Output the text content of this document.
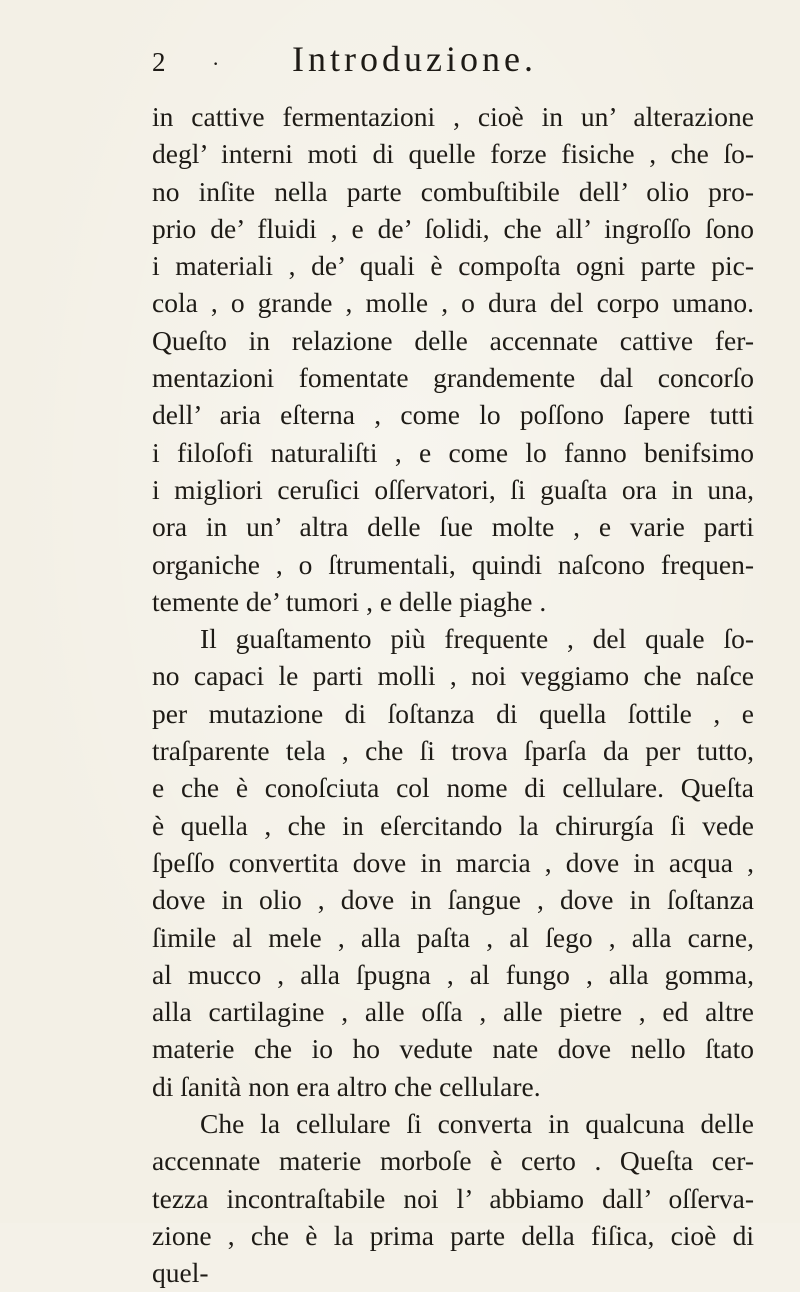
2	·	Introduzione.
in cattive fermentazioni , cioè in un’ alterazione
degl’ interni moti di quelle forze fisiche , che ſo-
no inſite nella parte combuſtibile dell’ olio pro-
prio de’ fluidi , e de’ ſolidi, che all’ ingroſſo ſono
i materiali , de’ quali è compoſta ogni parte pic-
cola , o grande , molle , o dura del corpo umano.
Queſto in relazione delle accennate cattive fer-
mentazioni fomentate grandemente dal concorſo
dell’ aria eſterna , come lo poſſono ſapere tutti
i filoſofi naturaliſti , e come lo fanno benifsimo
i migliori ceruſici oſſervatori, ſi guaſta ora in una,
ora in un’ altra delle ſue molte , e varie parti
organiche , o ſtrumentali, quindi naſcono frequen-
temente de’ tumori , e delle piaghe .
Il guaſtamento più frequente , del quale ſo-
no capaci le parti molli , noi veggiamo che naſce
per mutazione di ſoſtanza di quella ſottile , e
traſparente tela , che ſi trova ſparſa da per tutto,
e che è conoſciuta col nome di cellulare. Queſta
è quella , che in eſercitando la chirurgía ſi vede
ſpeſſo convertita dove in marcia , dove in acqua ,
dove in olio , dove in ſangue , dove in ſoſtanza
ſimile al mele , alla paſta , al ſego , alla carne,
al mucco , alla ſpugna , al fungo , alla gomma,
alla cartilagine , alle oſſa , alle pietre , ed altre
materie che io ho vedute nate dove nello ſtato
di ſanità non era altro che cellulare.
Che la cellulare ſi converta in qualcuna delle
accennate materie morboſe è certo . Queſta cer-
tezza incontraſtabile noi l’ abbiamo dall’ oſſerva-
zione , che è la prima parte della fiſica, cioè di
quel-
